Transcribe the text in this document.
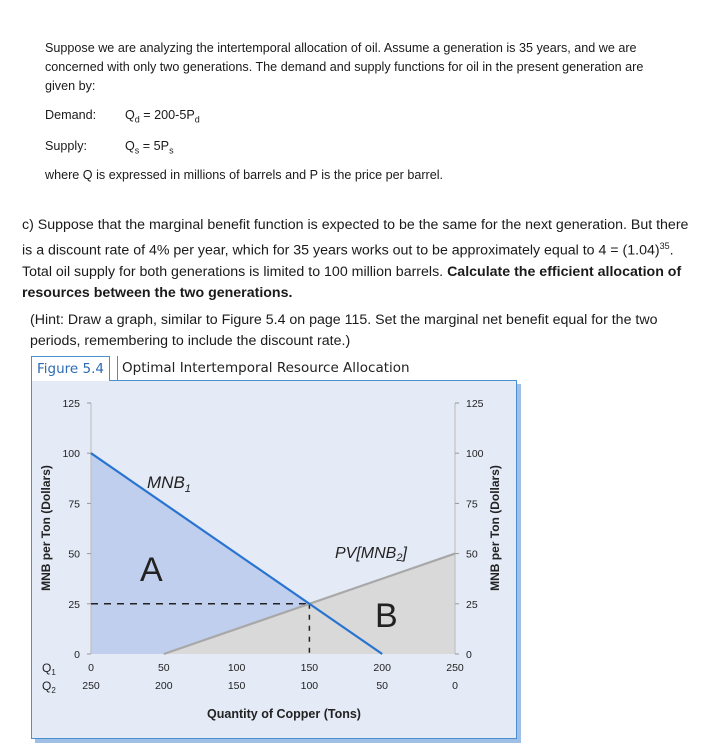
Suppose we are analyzing the intertemporal allocation of oil. Assume a generation is 35 years, and we are concerned with only two generations. The demand and supply functions for oil in the present generation are given by:
Demand: $Q_d = 200-5P_d$
Supply:	$Q_s = 5P_s$
where Q is expressed in millions of barrels and P is the price per barrel.
c) Suppose that the marginal benefit function is expected to be the same for the next generation. But there is a discount rate of 4% per year, which for 35 years works out to be approximately equal to $4 = (1.04)^{35}$. Total oil supply for both generations is limited to 100 million barrels. Calculate the efficient allocation of resources between the two generations.
(Hint: Draw a graph, similar to Figure 5.4 on page 115. Set the marginal net benefit equal for the two periods, remembering to include the discount rate.)
Figure 5.4	Optimal Intertemporal Resource Allocation
$MNB_1$
PV[MNB2]
A
B
MNB per Ton (Dollars)	MNB per Ton (Dollars)
$Q_1$
$Q_2$
125
100
75
50
25
0
125
100
75
50
25
0
0	50	100	150	200	250
250	200	150	100	50	0
Quantity of Copper (Tons)
